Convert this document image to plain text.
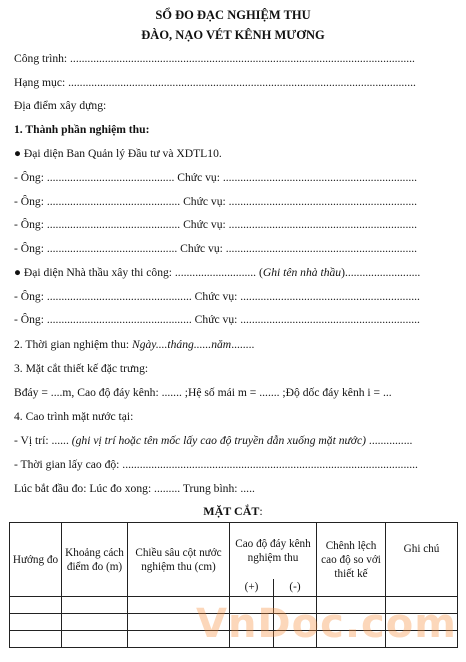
SỔ ĐO ĐẠC NGHIỆM THU
ĐÀO, NẠO VÉT KÊNH MƯƠNG
Công trình: .......................................................................................................................
Hạng mục: ........................................................................................................................
Địa điểm xây dựng:
1. Thành phần nghiệm thu:
● Đại diện Ban Quản lý Đầu tư và XDTL10.
- Ông: ............................................ Chức vụ: ...................................................................
- Ông: .............................................. Chức vụ: .................................................................
- Ông: .............................................. Chức vụ: .................................................................
- Ông: ............................................. Chức vụ: ..................................................................
● Đại diện Nhà thầu xây thi công: ............................ (Ghi tên nhà thầu)..........................
- Ông: .................................................. Chức vụ: ..............................................................
- Ông: .................................................. Chức vụ: ..............................................................
2. Thời gian nghiệm thu: Ngày....tháng......năm........
3. Mặt cắt thiết kế đặc trưng:
Bđáy = ....m, Cao độ đáy kênh: ....... ;Hệ số mái m = ....... ;Độ dốc đáy kênh i = ...
4. Cao trình mặt nước tại:
- Vị trí: ...... (ghi vị trí hoặc tên mốc lấy cao độ truyền dẫn xuống mặt nước) ...............
- Thời gian lấy cao độ: ......................................................................................................
Lúc bắt đầu đo: Lúc đo xong: ......... Trung bình: .....
MẶT CẮT:
Hướng đo	Khoảng cách điểm đo (m)	Chiều sâu cột nước nghiệm thu (cm)	Cao độ đáy kênh nghiệm thu		Chênh lệch cao độ so với thiết kế	Ghi chú
			(+)	(-)		

VnDoc.com
